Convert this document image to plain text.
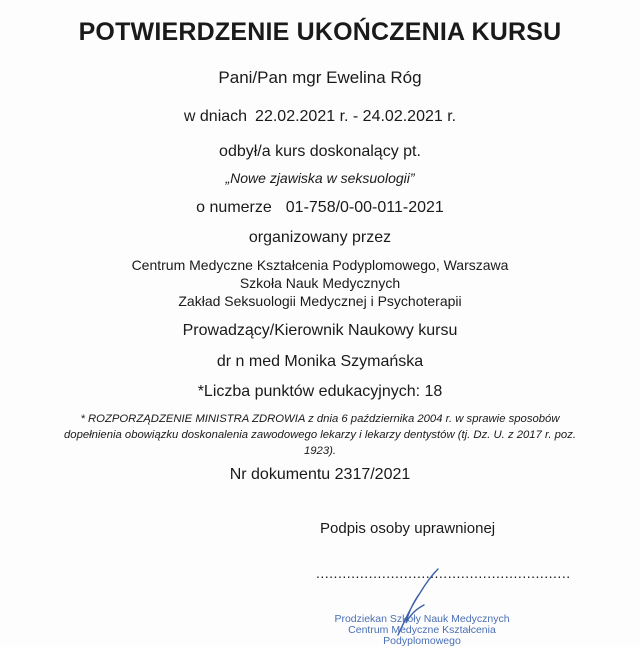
POTWIERDZENIE UKOŃCZENIA KURSU
Pani/Pan mgr Ewelina Róg
w dniach 22.02.2021 r. - 24.02.2021 r.
odbył/a kurs doskonalący pt.
„Nowe zjawiska w seksuologii”
o numerze 01-758/0-00-011-2021
organizowany przez
Centrum Medyczne Kształcenia Podyplomowego, Warszawa
Szkoła Nauk Medycznych
Zakład Seksuologii Medycznej i Psychoterapii
Prowadzący/Kierownik Naukowy kursu
dr n med Monika Szymańska
*Liczba punktów edukacyjnych: 18
* ROZPORZĄDZENIE MINISTRA ZDROWIA z dnia 6 października 2004 r. w sprawie sposobów dopełnienia obowiązku doskonalenia zawodowego lekarzy i lekarzy dentystów (tj. Dz. U. z 2017 r. poz. 1923).
Nr dokumentu 2317/2021
Podpis osoby uprawnionej
..........................................................
Prodziekan Szkoły Nauk Medycznych
Centrum Medyczne Kształcenia Podyplomowego
